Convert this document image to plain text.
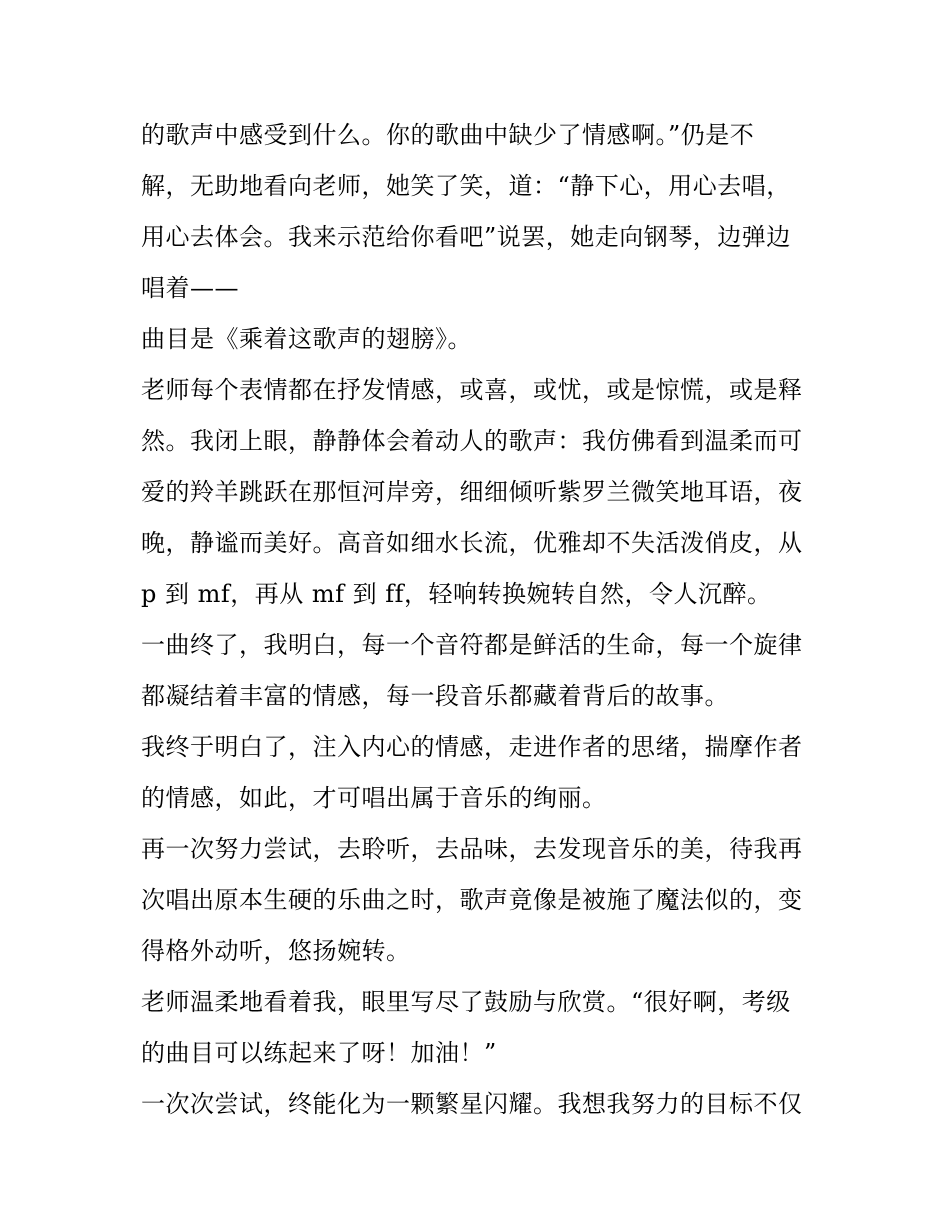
的歌声中感受到什么。你的歌曲中缺少了情感啊。”仍是不
解，无助地看向老师，她笑了笑，道：“静下心，用心去唱，
用心去体会。我来示范给你看吧”说罢，她走向钢琴，边弹边
唱着——
曲目是《乘着这歌声的翅膀》。
老师每个表情都在抒发情感，或喜，或忧，或是惊慌，或是释
然。我闭上眼，静静体会着动人的歌声：我仿佛看到温柔而可
爱的羚羊跳跃在那恒河岸旁，细细倾听紫罗兰微笑地耳语，夜
晚，静谧而美好。高音如细水长流，优雅却不失活泼俏皮，从
p 到 mf，再从 mf 到 ff，轻响转换婉转自然，令人沉醉。
一曲终了，我明白，每一个音符都是鲜活的生命，每一个旋律
都凝结着丰富的情感，每一段音乐都藏着背后的故事。
我终于明白了，注入内心的情感，走进作者的思绪，揣摩作者
的情感，如此，才可唱出属于音乐的绚丽。
再一次努力尝试，去聆听，去品味，去发现音乐的美，待我再
次唱出原本生硬的乐曲之时，歌声竟像是被施了魔法似的，变
得格外动听，悠扬婉转。
老师温柔地看着我，眼里写尽了鼓励与欣赏。“很好啊，考级
的曲目可以练起来了呀！加油！”
一次次尝试，终能化为一颗繁星闪耀。我想我努力的目标不仅
